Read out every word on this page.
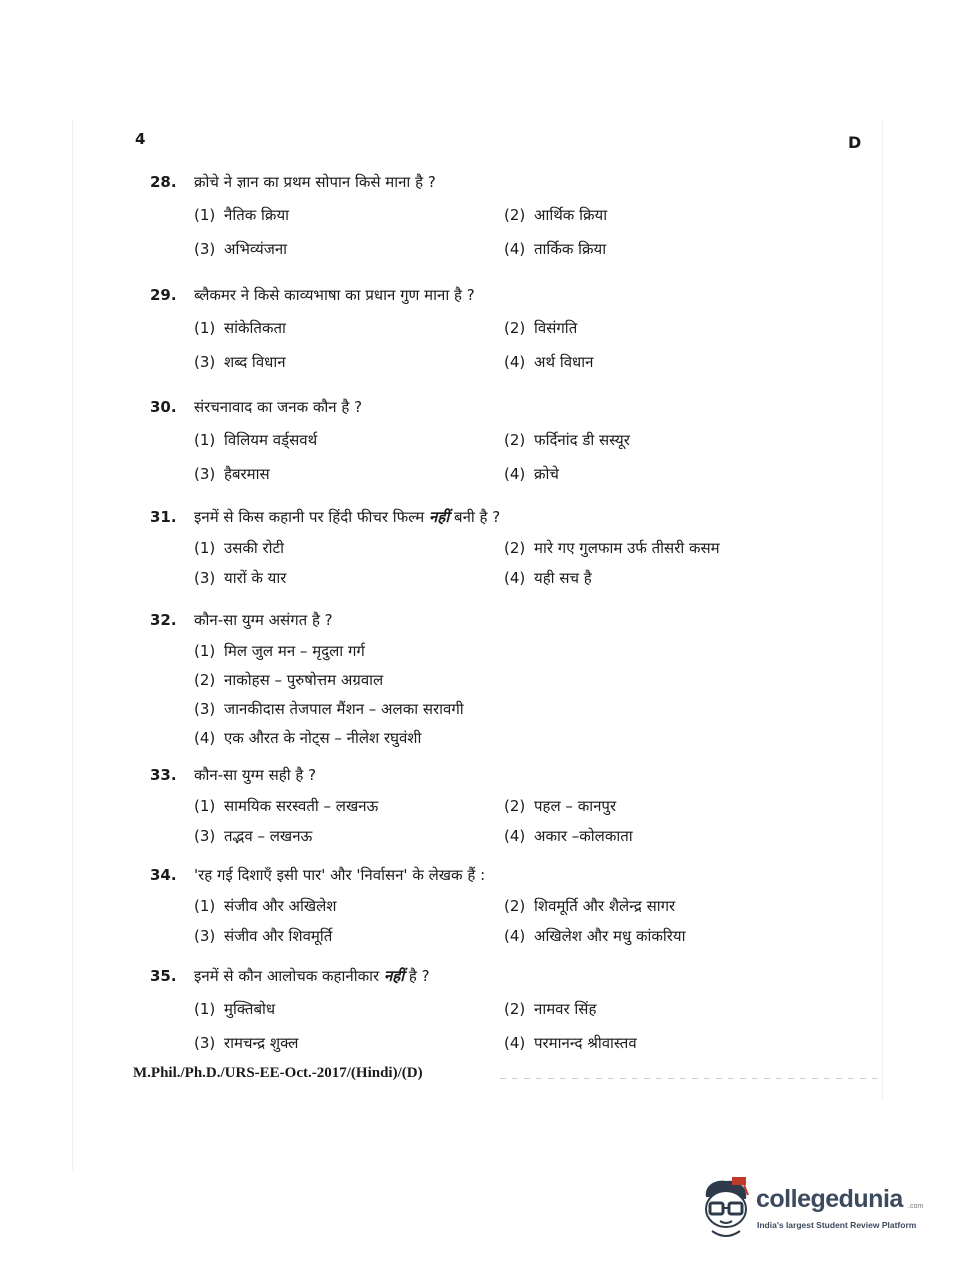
4	D
28.	क्रोचे ने ज्ञान का प्रथम सोपान किसे माना है ?
(1) नैतिक क्रिया	(2) आर्थिक क्रिया
(3) अभिव्यंजना	(4) तार्किक क्रिया
29.	ब्लैकमर ने किसे काव्यभाषा का प्रधान गुण माना है ?
(1) सांकेतिकता	(2) विसंगति
(3) शब्द विधान	(4) अर्थ विधान
30.	संरचनावाद का जनक कौन है ?
(1) विलियम वर्ड्सवर्थ	(2) फर्दिनांद डी सस्यूर
(3) हैबरमास	(4) क्रोचे
31.	इनमें से किस कहानी पर हिंदी फीचर फिल्म नहीं बनी है ?
(1) उसकी रोटी	(2) मारे गए गुलफाम उर्फ तीसरी कसम
(3) यारों के यार	(4) यही सच है
32.	कौन-सा युग्म असंगत है ?
(1) मिल जुल मन – मृदुला गर्ग
(2) नाकोहस – पुरुषोत्तम अग्रवाल
(3) जानकीदास तेजपाल मैंशन – अलका सरावगी
(4) एक औरत के नोट्स – नीलेश रघुवंशी
33.	कौन-सा युग्म सही है ?
(1) सामयिक सरस्वती – लखनऊ	(2) पहल – कानपुर
(3) तद्भव – लखनऊ	(4) अकार –कोलकाता
34.	'रह गई दिशाएँ इसी पार' और 'निर्वासन' के लेखक हैं :
(1) संजीव और अखिलेश	(2) शिवमूर्ति और शैलेन्द्र सागर
(3) संजीव और शिवमूर्ति	(4) अखिलेश और मधु कांकरिया
35.	इनमें से कौन आलोचक कहानीकार नहीं है ?
(1) मुक्तिबोध	(2) नामवर सिंह
(3) रामचन्द्र शुक्ल	(4) परमानन्द श्रीवास्तव
M.Phil./Ph.D./URS-EE-Oct.-2017/(Hindi)/(D)
collegedunia .com
India's largest Student Review Platform
